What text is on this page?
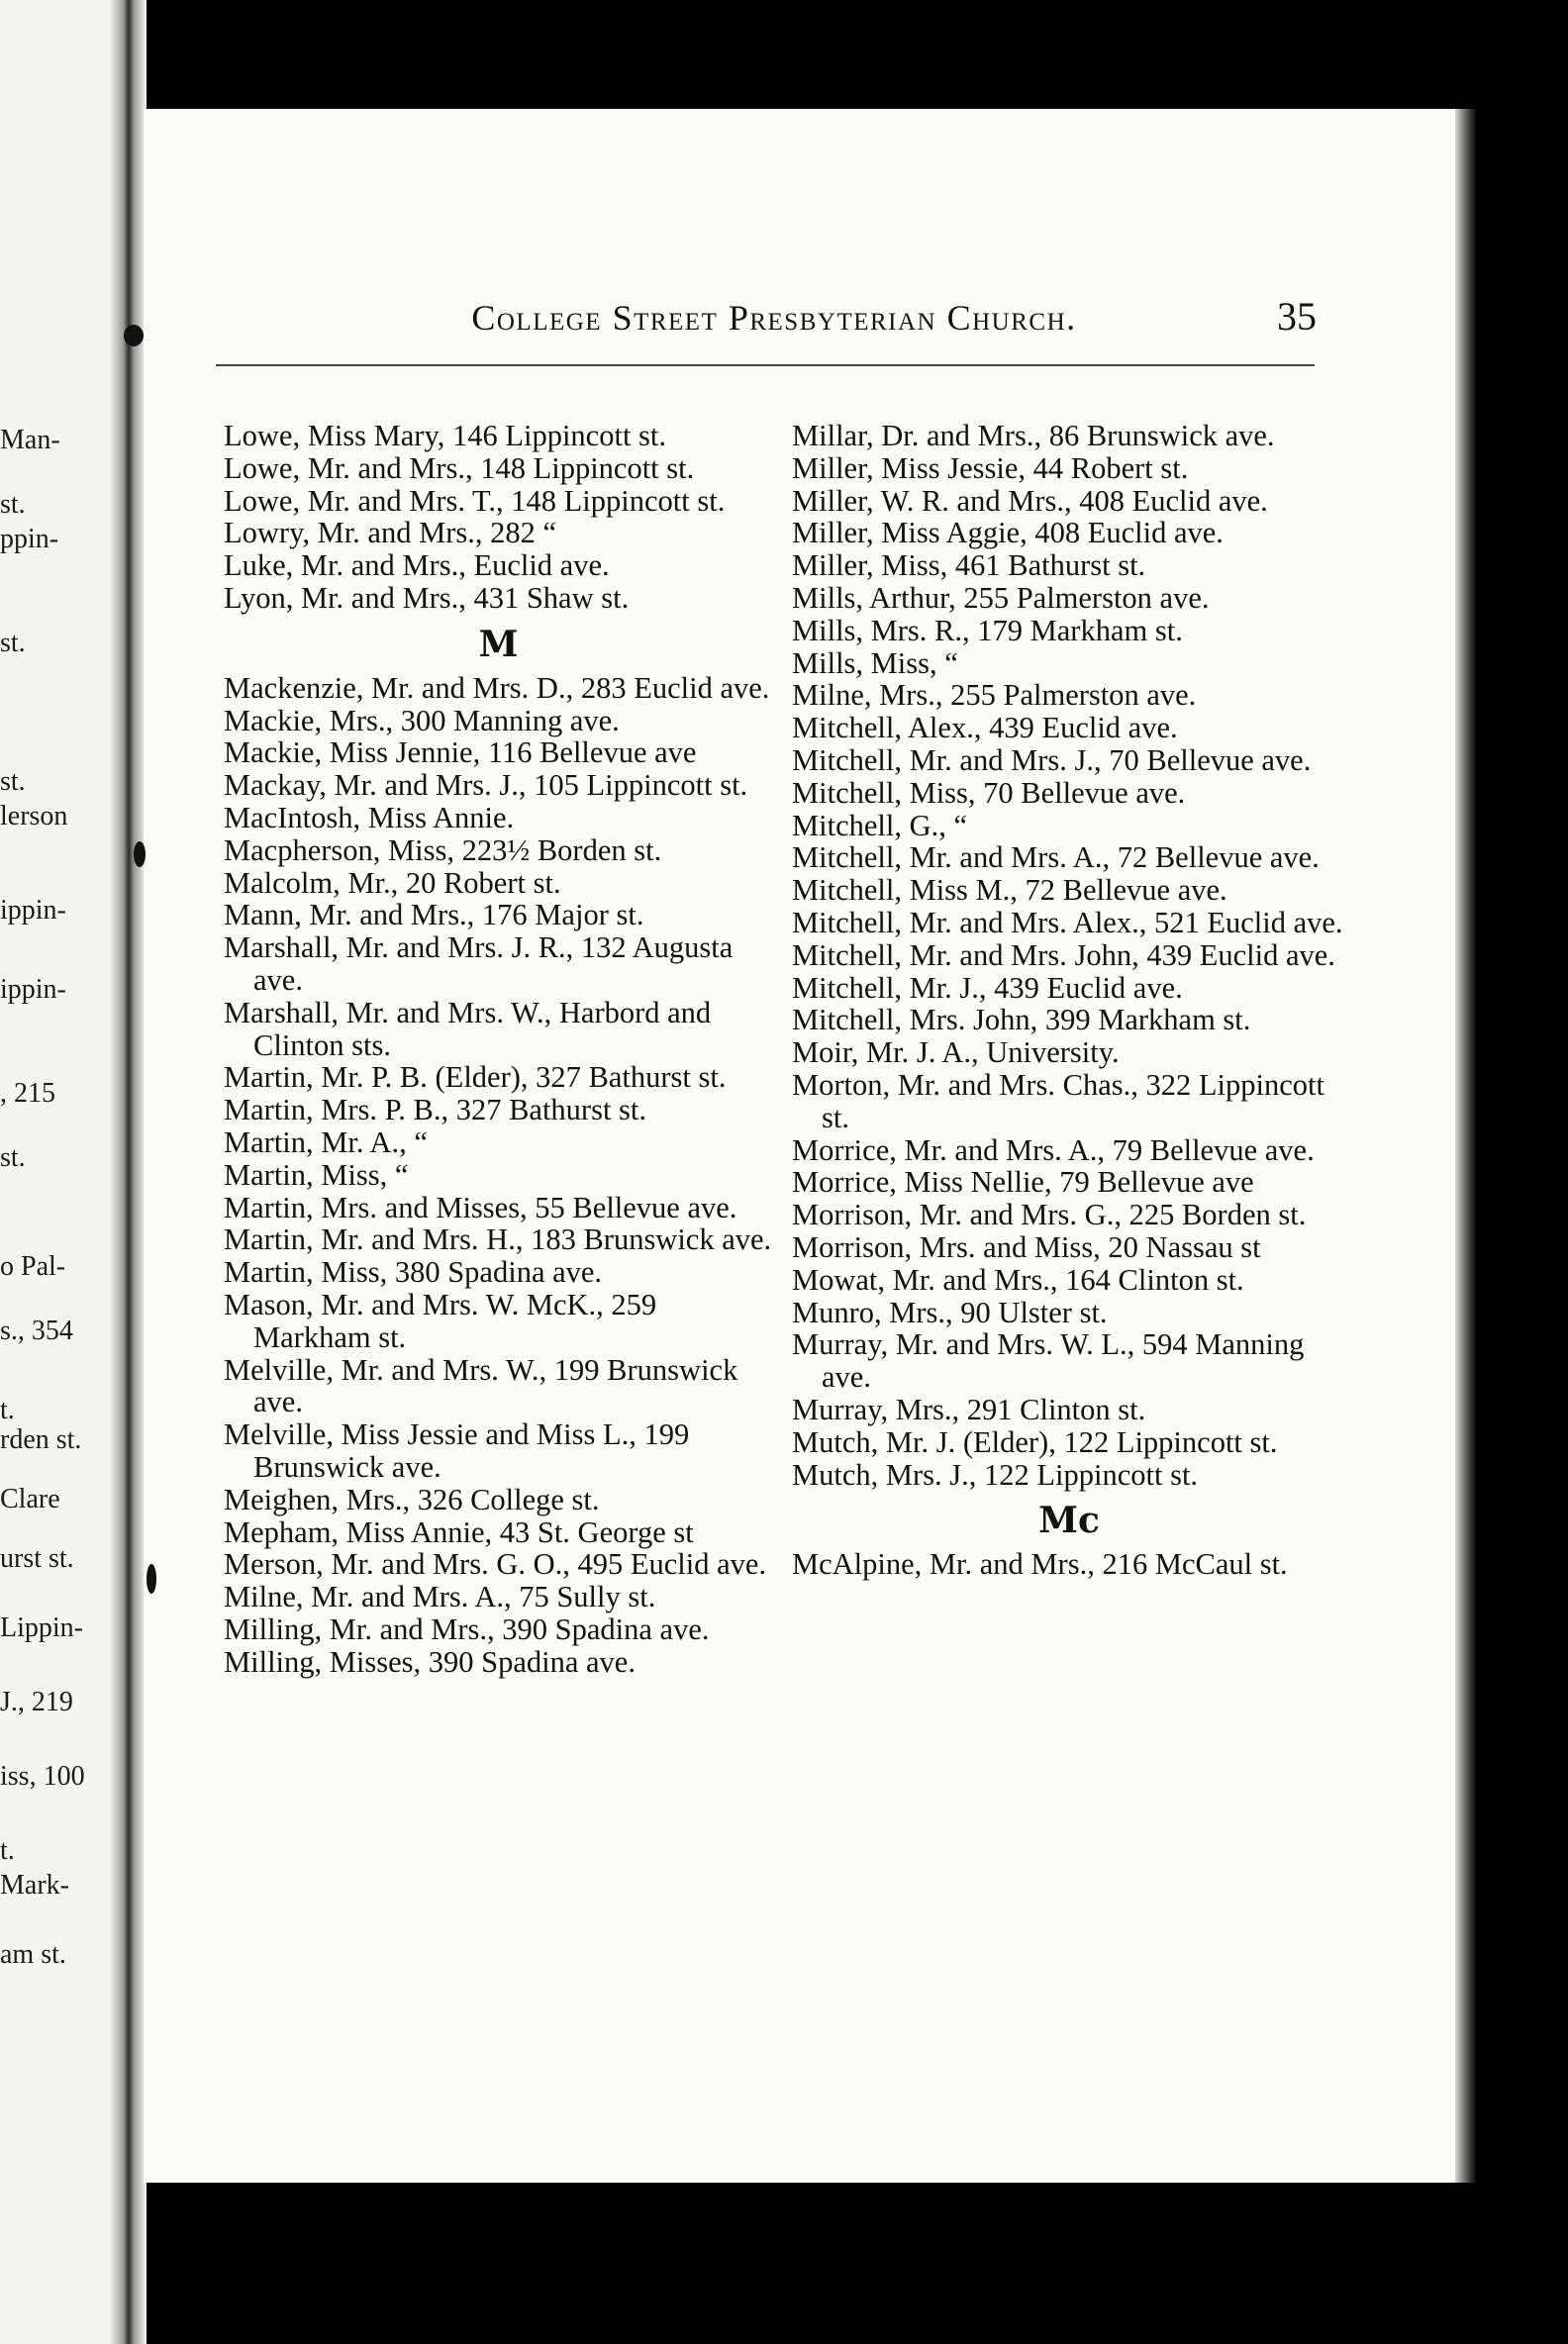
Man-
st.
ppin-
st.
st.
lerson
ippin-
ippin-
, 215
st.
o Pal-
s., 354
t.
rden st.
Clare
urst st.
Lippin-
J., 219
iss, 100
t.
Mark-
am st.
College Street Presbyterian Church.	35
Lowe, Miss Mary, 146 Lippincott st.
Lowe, Mr. and Mrs., 148 Lippincott st.
Lowe, Mr. and Mrs. T., 148 Lippincott st.
Lowry, Mr. and Mrs., 282 “
Luke, Mr. and Mrs., Euclid ave.
Lyon, Mr. and Mrs., 431 Shaw st.
M
Mackenzie, Mr. and Mrs. D., 283 Euclid ave.
Mackie, Mrs., 300 Manning ave.
Mackie, Miss Jennie, 116 Bellevue ave
Mackay, Mr. and Mrs. J., 105 Lippincott st.
MacIntosh, Miss Annie.
Macpherson, Miss, 223½ Borden st.
Malcolm, Mr., 20 Robert st.
Mann, Mr. and Mrs., 176 Major st.
Marshall, Mr. and Mrs. J. R., 132 Augusta ave.
Marshall, Mr. and Mrs. W., Harbord and Clinton sts.
Martin, Mr. P. B. (Elder), 327 Bathurst st.
Martin, Mrs. P. B., 327 Bathurst st.
Martin, Mr. A., “
Martin, Miss, “
Martin, Mrs. and Misses, 55 Bellevue ave.
Martin, Mr. and Mrs. H., 183 Brunswick ave.
Martin, Miss, 380 Spadina ave.
Mason, Mr. and Mrs. W. McK., 259 Markham st.
Melville, Mr. and Mrs. W., 199 Brunswick ave.
Melville, Miss Jessie and Miss L., 199 Brunswick ave.
Meighen, Mrs., 326 College st.
Mepham, Miss Annie, 43 St. George st
Merson, Mr. and Mrs. G. O., 495 Euclid ave.
Milne, Mr. and Mrs. A., 75 Sully st.
Milling, Mr. and Mrs., 390 Spadina ave.
Milling, Misses, 390 Spadina ave.
Millar, Dr. and Mrs., 86 Brunswick ave.
Miller, Miss Jessie, 44 Robert st.
Miller, W. R. and Mrs., 408 Euclid ave.
Miller, Miss Aggie, 408 Euclid ave.
Miller, Miss, 461 Bathurst st.
Mills, Arthur, 255 Palmerston ave.
Mills, Mrs. R., 179 Markham st.
Mills, Miss, “
Milne, Mrs., 255 Palmerston ave.
Mitchell, Alex., 439 Euclid ave.
Mitchell, Mr. and Mrs. J., 70 Bellevue ave.
Mitchell, Miss, 70 Bellevue ave.
Mitchell, G., “
Mitchell, Mr. and Mrs. A., 72 Bellevue ave.
Mitchell, Miss M., 72 Bellevue ave.
Mitchell, Mr. and Mrs. Alex., 521 Euclid ave.
Mitchell, Mr. and Mrs. John, 439 Euclid ave.
Mitchell, Mr. J., 439 Euclid ave.
Mitchell, Mrs. John, 399 Markham st.
Moir, Mr. J. A., University.
Morton, Mr. and Mrs. Chas., 322 Lippincott st.
Morrice, Mr. and Mrs. A., 79 Bellevue ave.
Morrice, Miss Nellie, 79 Bellevue ave
Morrison, Mr. and Mrs. G., 225 Borden st.
Morrison, Mrs. and Miss, 20 Nassau st
Mowat, Mr. and Mrs., 164 Clinton st.
Munro, Mrs., 90 Ulster st.
Murray, Mr. and Mrs. W. L., 594 Manning ave.
Murray, Mrs., 291 Clinton st.
Mutch, Mr. J. (Elder), 122 Lippincott st.
Mutch, Mrs. J., 122 Lippincott st.
Mc
McAlpine, Mr. and Mrs., 216 McCaul st.
